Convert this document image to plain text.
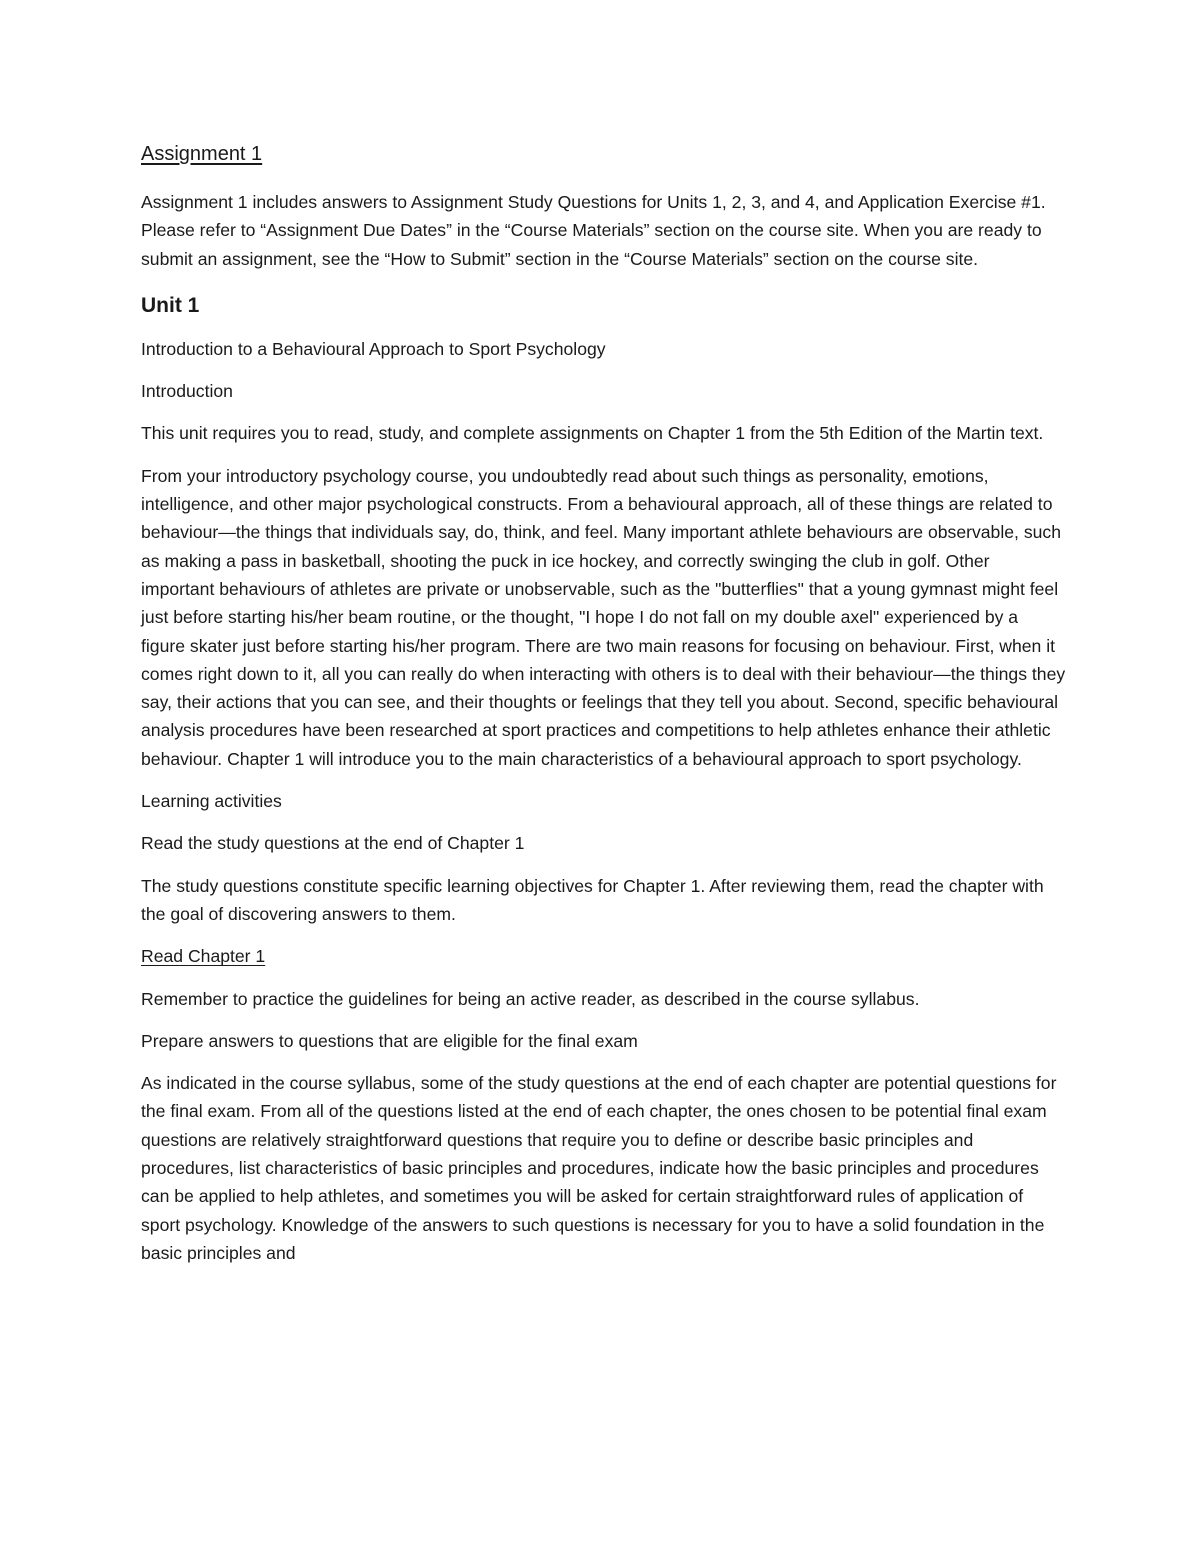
Assignment 1

Assignment 1 includes answers to Assignment Study Questions for Units 1, 2, 3, and 4, and Application Exercise #1. Please refer to “Assignment Due Dates” in the “Course Materials” section on the course site. When you are ready to submit an assignment, see the “How to Submit” section in the “Course Materials” section on the course site.

Unit 1

Introduction to a Behavioural Approach to Sport Psychology

Introduction

This unit requires you to read, study, and complete assignments on Chapter 1 from the 5th Edition of the Martin text.

From your introductory psychology course, you undoubtedly read about such things as personality, emotions, intelligence, and other major psychological constructs. From a behavioural approach, all of these things are related to behaviour—the things that individuals say, do, think, and feel. Many important athlete behaviours are observable, such as making a pass in basketball, shooting the puck in ice hockey, and correctly swinging the club in golf. Other important behaviours of athletes are private or unobservable, such as the "butterflies" that a young gymnast might feel just before starting his/her beam routine, or the thought, "I hope I do not fall on my double axel" experienced by a figure skater just before starting his/her program. There are two main reasons for focusing on behaviour. First, when it comes right down to it, all you can really do when interacting with others is to deal with their behaviour—the things they say, their actions that you can see, and their thoughts or feelings that they tell you about. Second, specific behavioural analysis procedures have been researched at sport practices and competitions to help athletes enhance their athletic behaviour. Chapter 1 will introduce you to the main characteristics of a behavioural approach to sport psychology.

Learning activities

Read the study questions at the end of Chapter 1

The study questions constitute specific learning objectives for Chapter 1. After reviewing them, read the chapter with the goal of discovering answers to them.

Read Chapter 1

Remember to practice the guidelines for being an active reader, as described in the course syllabus.

Prepare answers to questions that are eligible for the final exam

As indicated in the course syllabus, some of the study questions at the end of each chapter are potential questions for the final exam. From all of the questions listed at the end of each chapter, the ones chosen to be potential final exam questions are relatively straightforward questions that require you to define or describe basic principles and procedures, list characteristics of basic principles and procedures, indicate how the basic principles and procedures can be applied to help athletes, and sometimes you will be asked for certain straightforward rules of application of sport psychology. Knowledge of the answers to such questions is necessary for you to have a solid foundation in the basic principles and
